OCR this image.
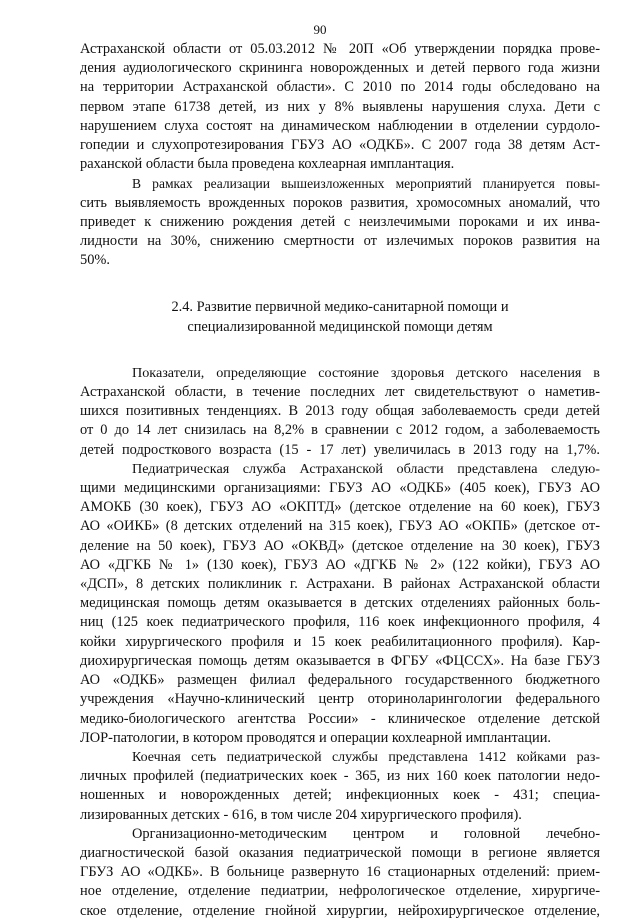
90
Астраханской области от 05.03.2012 № 20П «Об утверждении порядка прове-
дения аудиологического скрининга новорожденных и детей первого года жизни
на территории Астраханской области». С 2010 по 2014 годы обследовано на
первом этапе 61738 детей, из них у 8% выявлены нарушения слуха. Дети с
нарушением слуха состоят на динамическом наблюдении в отделении сурдоло-
гопедии и слухопротезирования ГБУЗ АО «ОДКБ». С 2007 года 38 детям Аст-
раханской области была проведена кохлеарная имплантация.
В рамках реализации вышеизложенных мероприятий планируется повы-
сить выявляемость врожденных пороков развития, хромосомных аномалий, что
приведет к снижению рождения детей с неизлечимыми пороками и их инва-
лидности на 30%, снижению смертности от излечимых пороков развития на
50%.
2.4. Развитие первичной медико-санитарной помощи и
специализированной медицинской помощи детям
Показатели, определяющие состояние здоровья детского населения в
Астраханской области, в течение последних лет свидетельствуют о наметив-
шихся позитивных тенденциях. В 2013 году общая заболеваемость среди детей
от 0 до 14 лет снизилась на 8,2% в сравнении с 2012 годом, а заболеваемость
детей подросткового возраста (15 - 17 лет) увеличилась в 2013 году на 1,7%.
Педиатрическая служба Астраханской области представлена следую-
щими медицинскими организациями: ГБУЗ АО «ОДКБ» (405 коек), ГБУЗ АО
АМОКБ (30 коек), ГБУЗ АО «ОКПТД» (детское отделение на 60 коек), ГБУЗ
АО «ОИКБ» (8 детских отделений на 315 коек), ГБУЗ АО «ОКПБ» (детское от-
деление на 50 коек), ГБУЗ АО «ОКВД» (детское отделение на 30 коек), ГБУЗ
АО «ДГКБ № 1» (130 коек), ГБУЗ АО «ДГКБ № 2» (122 койки), ГБУЗ АО
«ДСП», 8 детских поликлиник г. Астрахани. В районах Астраханской области
медицинская помощь детям оказывается в детских отделениях районных боль-
ниц (125 коек педиатрического профиля, 116 коек инфекционного профиля, 4
койки хирургического профиля и 15 коек реабилитационного профиля). Кар-
диохирургическая помощь детям оказывается в ФГБУ «ФЦССХ». На базе ГБУЗ
АО «ОДКБ» размещен филиал федерального государственного бюджетного
учреждения «Научно-клинический центр оториноларингологии федерального
медико-биологического агентства России» - клиническое отделение детской
ЛОР-патологии, в котором проводятся и операции кохлеарной имплантации.
Коечная сеть педиатрической службы представлена 1412 койками раз-
личных профилей (педиатрических коек - 365, из них 160 коек патологии недо-
ношенных и новорожденных детей; инфекционных коек - 431; специа-
лизированных детских - 616, в том числе 204 хирургического профиля).
Организационно-методическим центром и головной лечебно-
диагностической базой оказания педиатрической помощи в регионе является
ГБУЗ АО «ОДКБ». В больнице развернуто 16 стационарных отделений: прием-
ное отделение, отделение педиатрии, нефрологическое отделение, хирургиче-
ское отделение, отделение гнойной хирургии, нейрохирургическое отделение,
